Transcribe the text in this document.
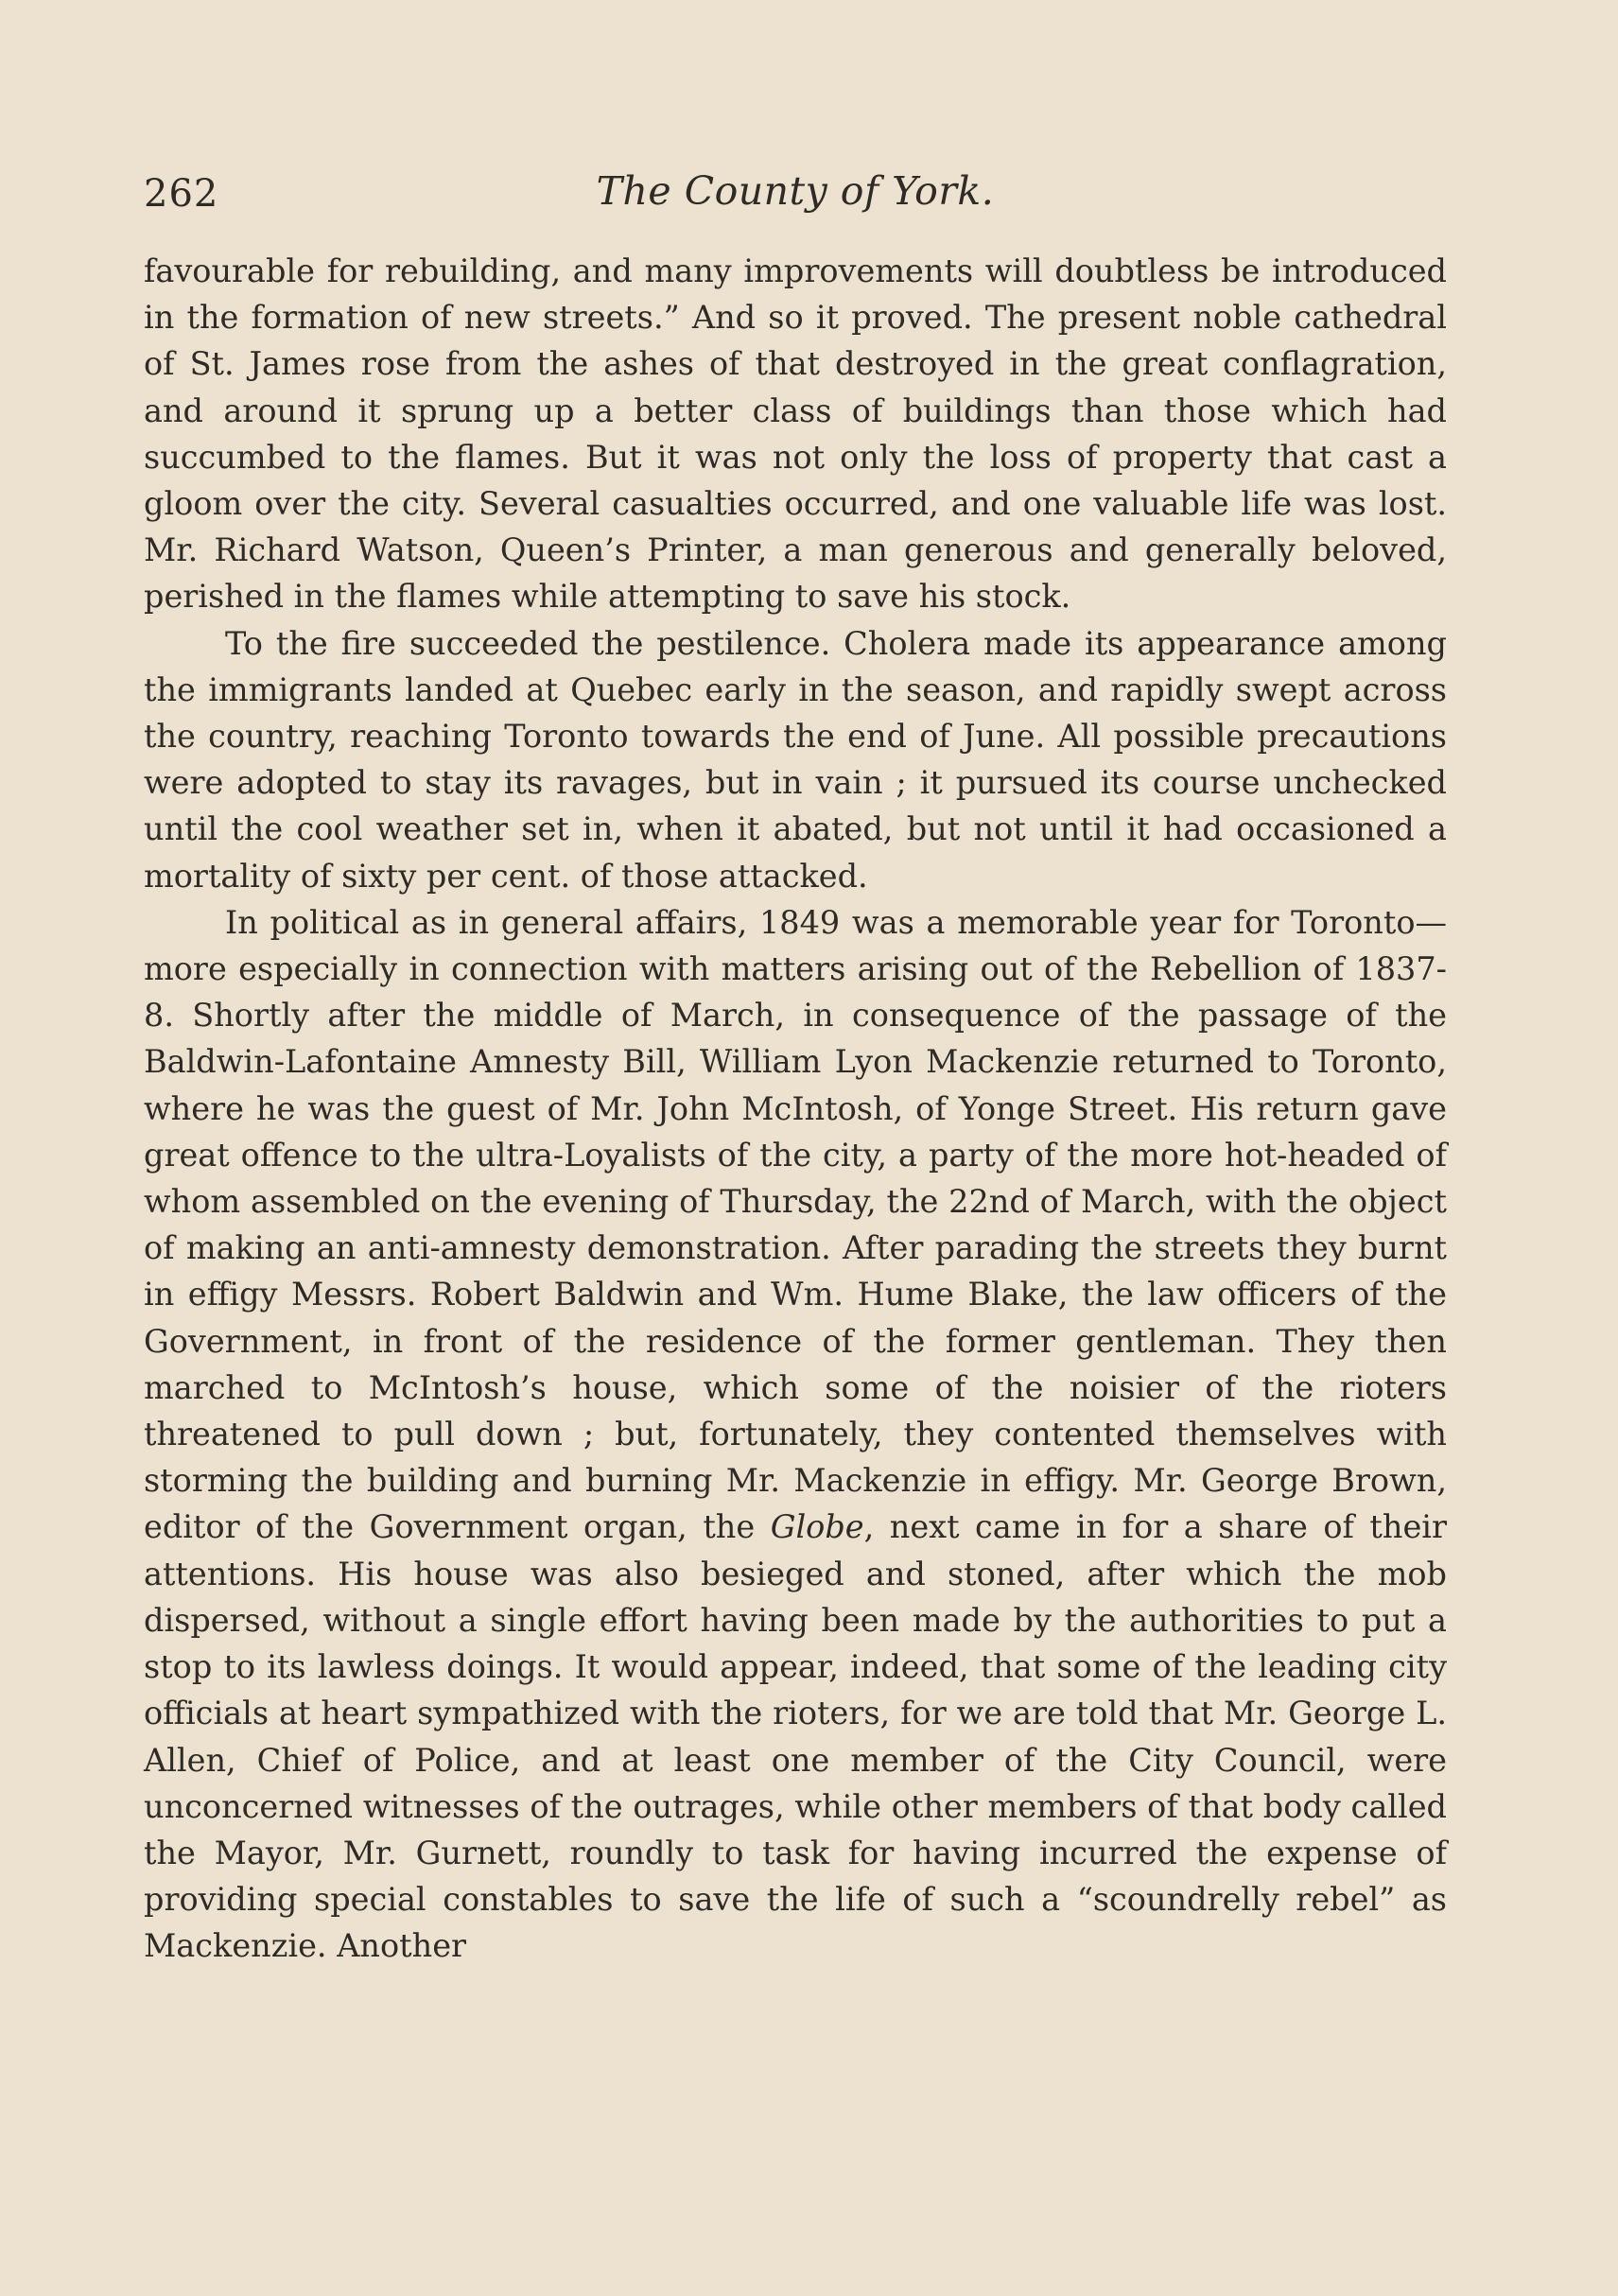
262	The County of York.

favourable for rebuilding, and many improvements will doubtless be introduced in the formation of new streets.” And so it proved. The present noble cathedral of St. James rose from the ashes of that destroyed in the great conflagration, and around it sprung up a better class of buildings than those which had succumbed to the flames. But it was not only the loss of property that cast a gloom over the city. Several casualties occurred, and one valuable life was lost. Mr. Richard Watson, Queen’s Printer, a man generous and generally beloved, perished in the flames while attempting to save his stock.

To the fire succeeded the pestilence. Cholera made its appearance among the immigrants landed at Quebec early in the season, and rapidly swept across the country, reaching Toronto towards the end of June. All possible precautions were adopted to stay its ravages, but in vain ; it pursued its course unchecked until the cool weather set in, when it abated, but not until it had occasioned a mortality of sixty per cent. of those attacked.

In political as in general affairs, 1849 was a memorable year for Toronto—more especially in connection with matters arising out of the Rebellion of 1837-8. Shortly after the middle of March, in consequence of the passage of the Baldwin-Lafontaine Amnesty Bill, William Lyon Mackenzie returned to Toronto, where he was the guest of Mr. John McIntosh, of Yonge Street. His return gave great offence to the ultra-Loyalists of the city, a party of the more hot-headed of whom assembled on the evening of Thursday, the 22nd of March, with the object of making an anti-amnesty demonstration. After parading the streets they burnt in effigy Messrs. Robert Baldwin and Wm. Hume Blake, the law officers of the Government, in front of the residence of the former gentleman. They then marched to McIntosh’s house, which some of the noisier of the rioters threatened to pull down ; but, fortunately, they contented themselves with storming the building and burning Mr. Mackenzie in effigy. Mr. George Brown, editor of the Government organ, the Globe, next came in for a share of their attentions. His house was also besieged and stoned, after which the mob dispersed, without a single effort having been made by the authorities to put a stop to its lawless doings. It would appear, indeed, that some of the leading city officials at heart sympathized with the rioters, for we are told that Mr. George L. Allen, Chief of Police, and at least one member of the City Council, were unconcerned witnesses of the outrages, while other members of that body called the Mayor, Mr. Gurnett, roundly to task for having incurred the expense of providing special constables to save the life of such a “scoundrelly rebel” as Mackenzie. Another
